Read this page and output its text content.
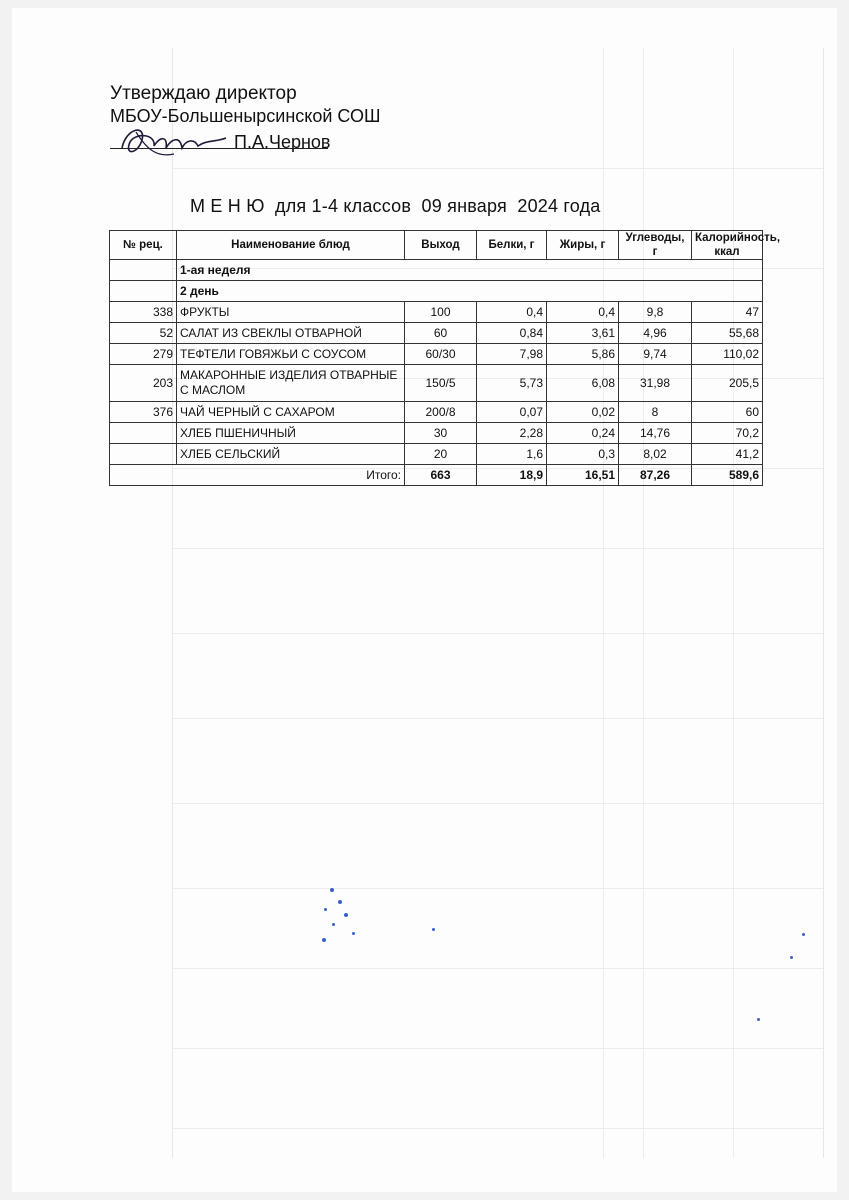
Утверждаю директор
МБОУ-Большенырсинской СОШ
П.А.Чернов
М Е Н Ю  для 1-4 классов  09 января  2024 года
№ рец.	Наименование блюд	Выход	Белки, г	Жиры, г	Углеводы, г	Калорийность, ккал
	1-ая неделя					
	2 день					
338	ФРУКТЫ	100	0,4	0,4	9,8	47
52	САЛАТ ИЗ СВЕКЛЫ ОТВАРНОЙ	60	0,84	3,61	4,96	55,68
279	ТЕФТЕЛИ ГОВЯЖЬИ С СОУСОМ	60/30	7,98	5,86	9,74	110,02
203	МАКАРОННЫЕ ИЗДЕЛИЯ ОТВАРНЫЕ С МАСЛОМ	150/5	5,73	6,08	31,98	205,5
376	ЧАЙ ЧЕРНЫЙ С САХАРОМ	200/8	0,07	0,02	8	60
	ХЛЕБ ПШЕНИЧНЫЙ	30	2,28	0,24	14,76	70,2
	ХЛЕБ СЕЛЬСКИЙ	20	1,6	0,3	8,02	41,2
Итого:		663	18,9	16,51	87,26	589,6
